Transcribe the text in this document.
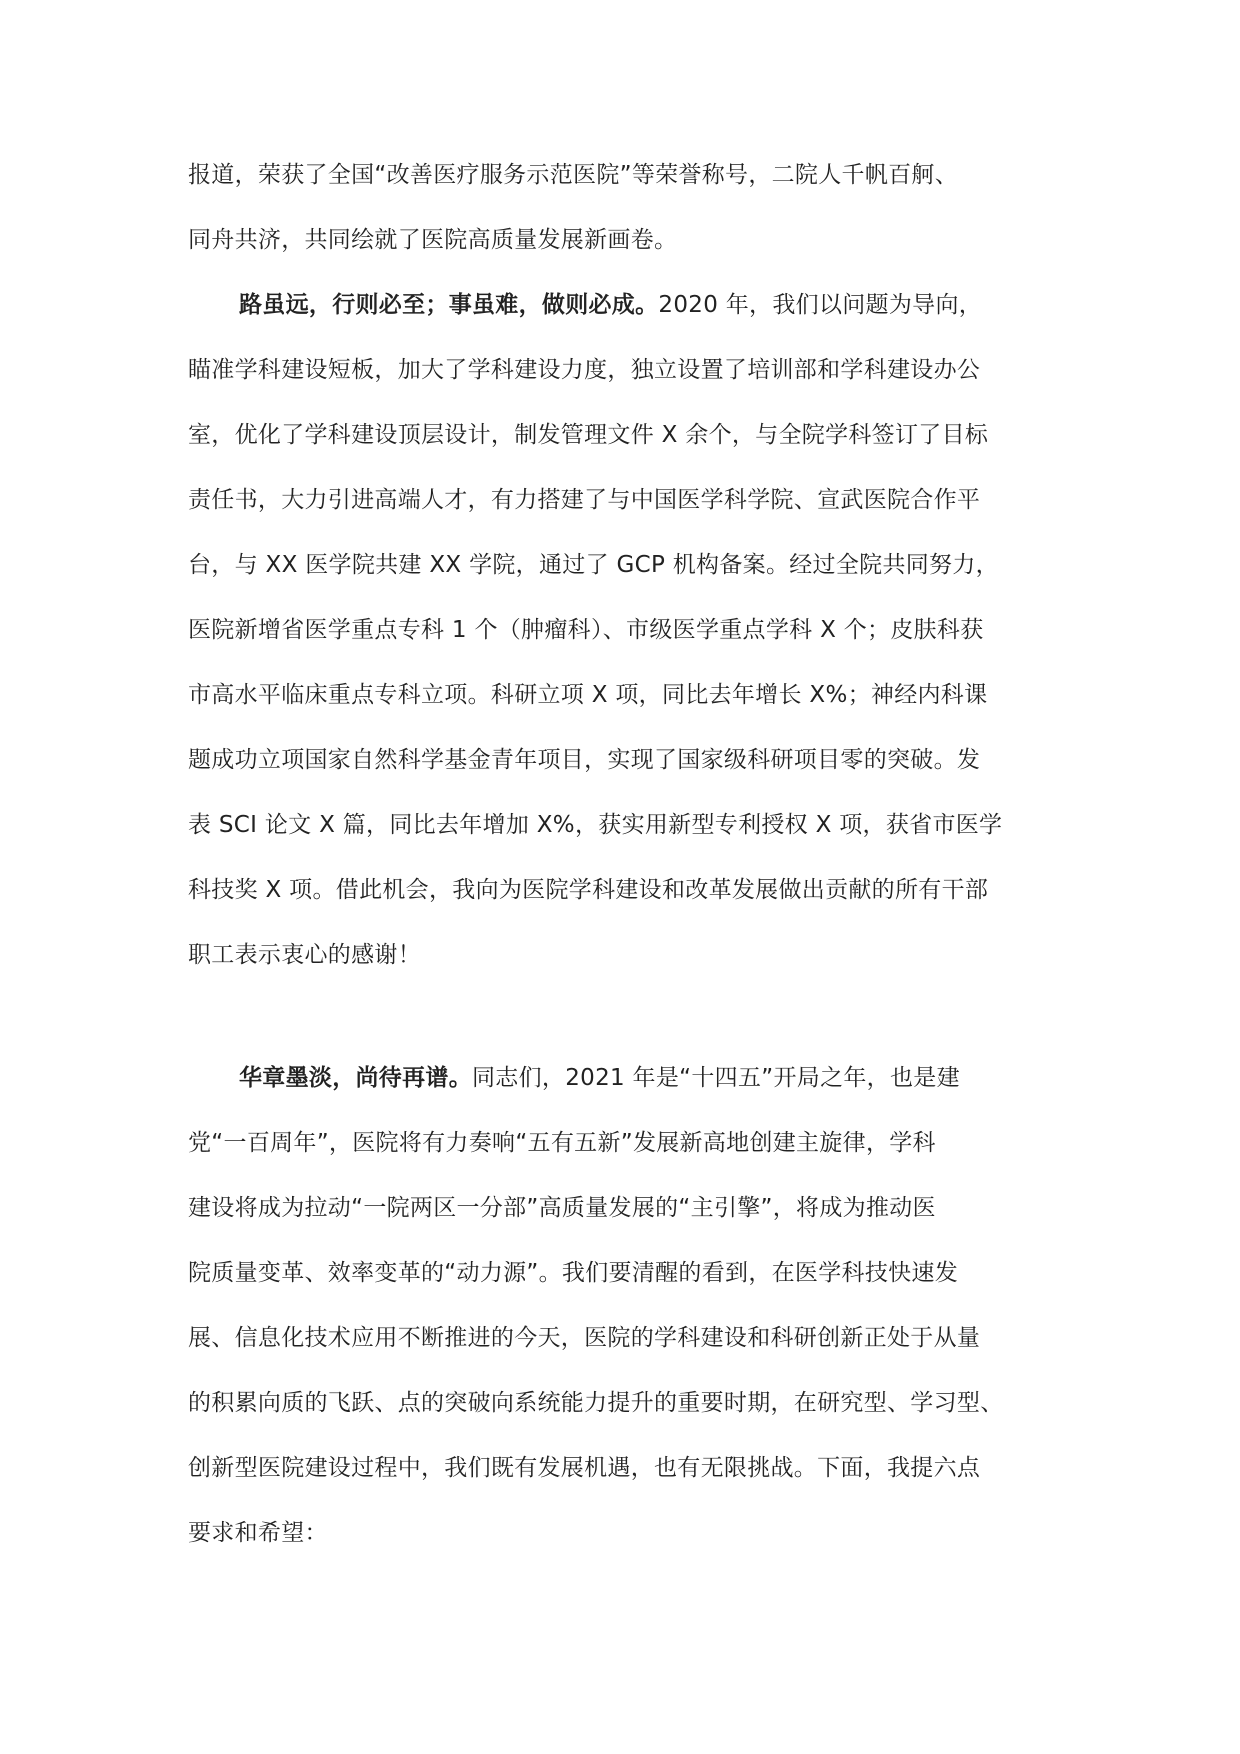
报道，荣获了全国“改善医疗服务示范医院”等荣誉称号，二院人千帆百舸、
同舟共济，共同绘就了医院高质量发展新画卷。
路虽远，行则必至；事虽难，做则必成。2020 年，我们以问题为导向，
瞄准学科建设短板，加大了学科建设力度，独立设置了培训部和学科建设办公
室，优化了学科建设顶层设计，制发管理文件 X 余个，与全院学科签订了目标
责任书，大力引进高端人才，有力搭建了与中国医学科学院、宣武医院合作平
台，与 XX 医学院共建 XX 学院，通过了 GCP 机构备案。经过全院共同努力，
医院新增省医学重点专科 1 个（肿瘤科）、市级医学重点学科 X 个；皮肤科获
市高水平临床重点专科立项。科研立项 X 项，同比去年增长 X%；神经内科课
题成功立项国家自然科学基金青年项目，实现了国家级科研项目零的突破。发
表 SCI 论文 X 篇，同比去年增加 X%，获实用新型专利授权 X 项，获省市医学
科技奖 X 项。借此机会，我向为医院学科建设和改革发展做出贡献的所有干部
职工表示衷心的感谢！
华章墨淡，尚待再谱。同志们，2021 年是“十四五”开局之年，也是建
党“一百周年”，医院将有力奏响“五有五新”发展新高地创建主旋律，学科
建设将成为拉动“一院两区一分部”高质量发展的“主引擎”，将成为推动医
院质量变革、效率变革的“动力源”。我们要清醒的看到，在医学科技快速发
展、信息化技术应用不断推进的今天，医院的学科建设和科研创新正处于从量
的积累向质的飞跃、点的突破向系统能力提升的重要时期，在研究型、学习型、
创新型医院建设过程中，我们既有发展机遇，也有无限挑战。下面，我提六点
要求和希望：
